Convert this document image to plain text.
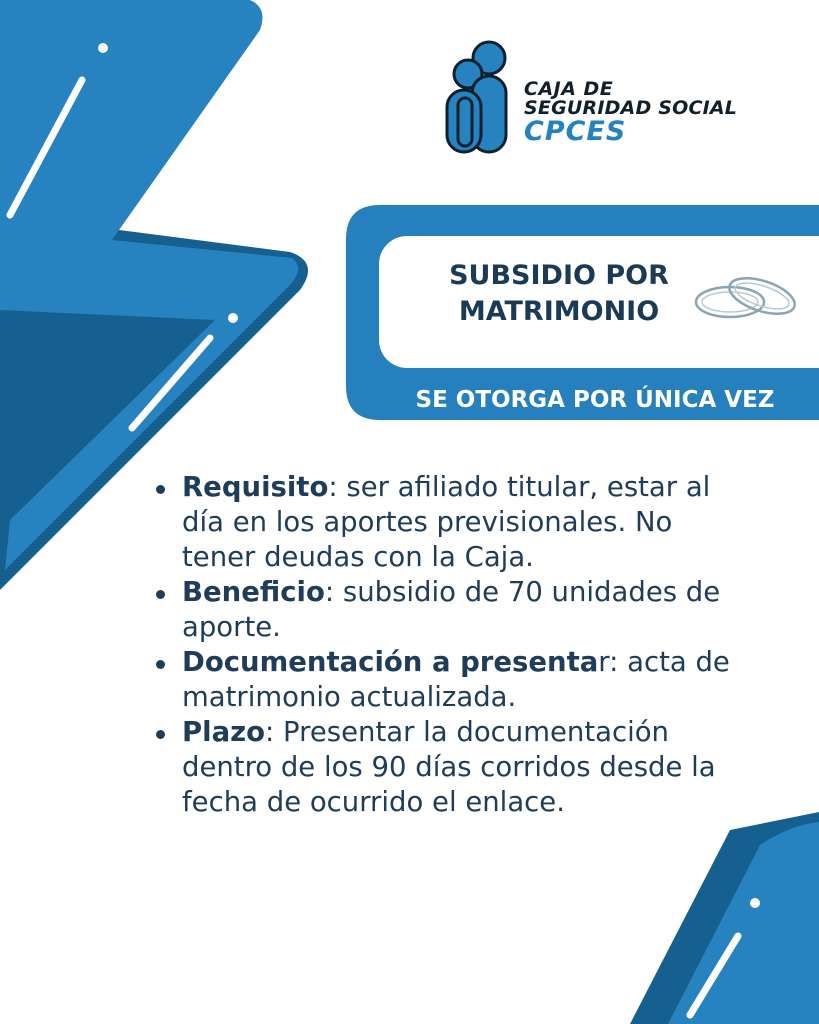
CAJA DE
SEGURIDAD SOCIAL
CPCES
SUBSIDIO POR
MATRIMONIO
SE OTORGA POR ÚNICA VEZ
Requisito: ser afiliado titular, estar al día en los aportes previsionales. No tener deudas con la Caja.
Beneficio: subsidio de 70 unidades de aporte.
Documentación a presentar: acta de matrimonio actualizada.
Plazo: Presentar la documentación dentro de los 90 días corridos desde la fecha de ocurrido el enlace.
